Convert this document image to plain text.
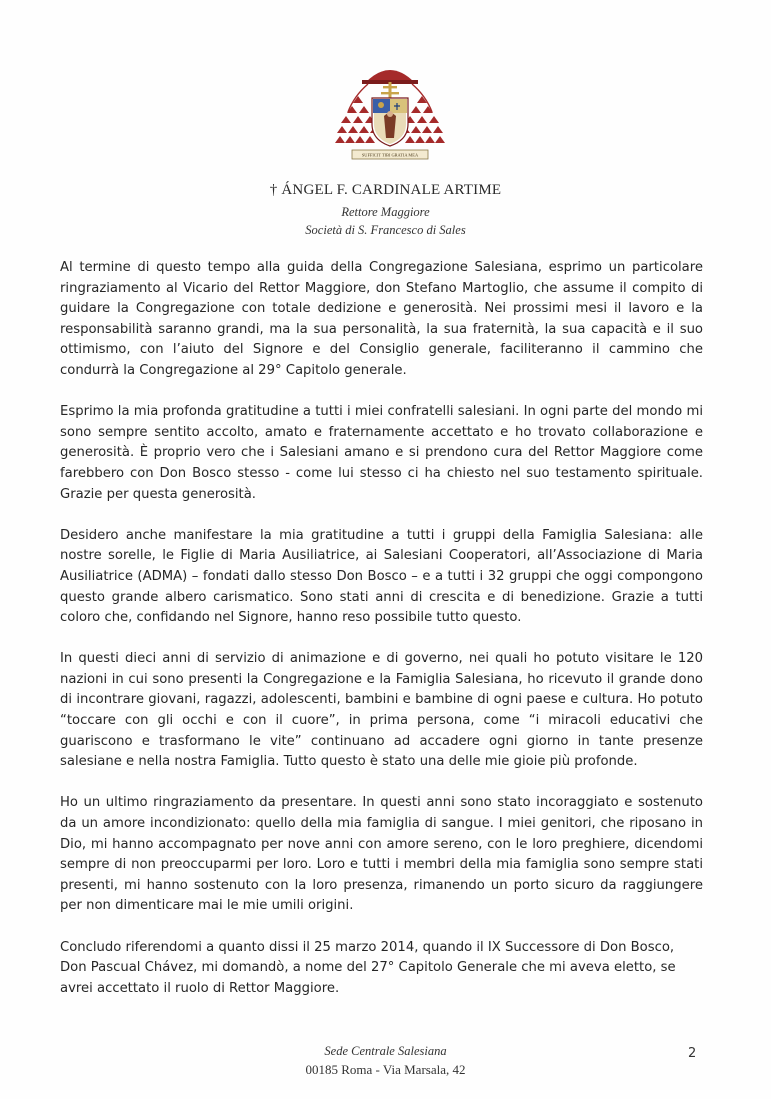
SUFFICIT TIBI GRATIA MEA
† ÁNGEL F. CARDINALE ARTIME
Rettore Maggiore
Società di S. Francesco di Sales

Al termine di questo tempo alla guida della Congregazione Salesiana, esprimo un particolare ringraziamento al Vicario del Rettor Maggiore, don Stefano Martoglio, che assume il compito di guidare la Congregazione con totale dedizione e generosità. Nei prossimi mesi il lavoro e la responsabilità saranno grandi, ma la sua personalità, la sua fraternità, la sua capacità e il suo ottimismo, con l’aiuto del Signore e del Consiglio generale, faciliteranno il cammino che condurrà la Congregazione al 29° Capitolo generale.

Esprimo la mia profonda gratitudine a tutti i miei confratelli salesiani. In ogni parte del mondo mi sono sempre sentito accolto, amato e fraternamente accettato e ho trovato collaborazione e generosità. È proprio vero che i Salesiani amano e si prendono cura del Rettor Maggiore come farebbero con Don Bosco stesso - come lui stesso ci ha chiesto nel suo testamento spirituale. Grazie per questa generosità.

Desidero anche manifestare la mia gratitudine a tutti i gruppi della Famiglia Salesiana: alle nostre sorelle, le Figlie di Maria Ausiliatrice, ai Salesiani Cooperatori, all’Associazione di Maria Ausiliatrice (ADMA) – fondati dallo stesso Don Bosco – e a tutti i 32 gruppi che oggi compongono questo grande albero carismatico. Sono stati anni di crescita e di benedizione. Grazie a tutti coloro che, confidando nel Signore, hanno reso possibile tutto questo.

In questi dieci anni di servizio di animazione e di governo, nei quali ho potuto visitare le 120 nazioni in cui sono presenti la Congregazione e la Famiglia Salesiana, ho ricevuto il grande dono di incontrare giovani, ragazzi, adolescenti, bambini e bambine di ogni paese e cultura. Ho potuto “toccare con gli occhi e con il cuore”, in prima persona, come “i miracoli educativi che guariscono e trasformano le vite” continuano ad accadere ogni giorno in tante presenze salesiane e nella nostra Famiglia. Tutto questo è stato una delle mie gioie più profonde.

Ho un ultimo ringraziamento da presentare. In questi anni sono stato incoraggiato e sostenuto da un amore incondizionato: quello della mia famiglia di sangue. I miei genitori, che riposano in Dio, mi hanno accompagnato per nove anni con amore sereno, con le loro preghiere, dicendomi sempre di non preoccuparmi per loro. Loro e tutti i membri della mia famiglia sono sempre stati presenti, mi hanno sostenuto con la loro presenza, rimanendo un porto sicuro da raggiungere per non dimenticare mai le mie umili origini.

Concludo riferendomi a quanto dissi il 25 marzo 2014, quando il IX Successore di Don Bosco, Don Pascual Chávez, mi domandò, a nome del 27° Capitolo Generale che mi aveva eletto, se avrei accettato il ruolo di Rettor Maggiore.

Sede Centrale Salesiana
00185 Roma - Via Marsala, 42
2
